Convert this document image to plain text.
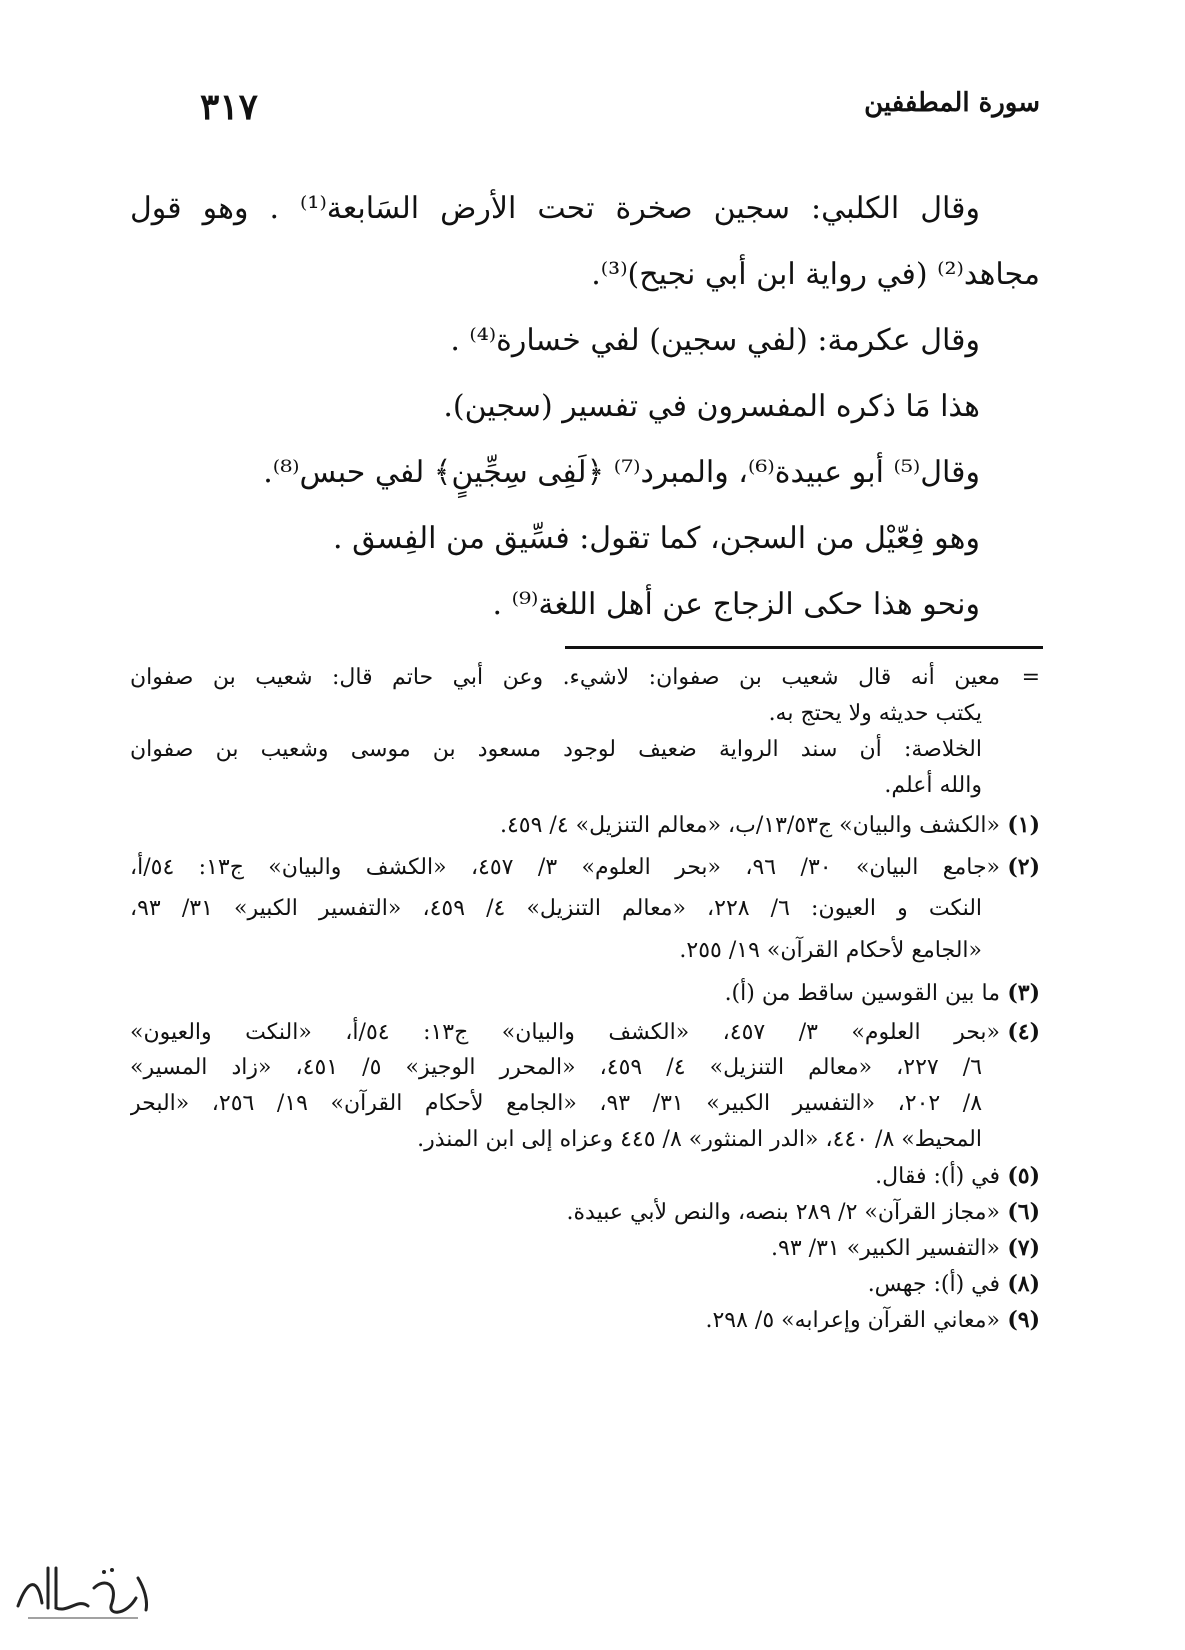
٣١٧	سورة المطففين
وقال الكلبي: سجين صخرة تحت الأرض السَابعة⁽¹⁾ . وهو قول
مجاهد⁽²⁾ (في رواية ابن أبي نجيح)⁽³⁾.
وقال عكرمة: (لفي سجين) لفي خسارة⁽⁴⁾ .
هذا مَا ذكره المفسرون في تفسير (سجين).
وقال⁽⁵⁾ أبو عبيدة⁽⁶⁾، والمبرد⁽⁷⁾ ﴿لَفِى سِجِّينٍ﴾ لفي حبس⁽⁸⁾.
وهو فِعّيْل من السجن، كما تقول: فسِّيق من الفِسق .
ونحو هذا حكى الزجاج عن أهل اللغة⁽⁹⁾ .
=معين أنه قال شعيب بن صفوان: لاشيء. وعن أبي حاتم قال: شعيب بن صفوان
يكتب حديثه ولا يحتج به.
الخلاصة: أن سند الرواية ضعيف لوجود مسعود بن موسى وشعيب بن صفوان
والله أعلم.
(١)«الكشف والبيان» ج١٣/٥٣/ب، «معالم التنزيل» ٤/ ٤٥٩.
(٢)«جامع البيان» ٣٠/ ٩٦، «بحر العلوم» ٣/ ٤٥٧، «الكشف والبيان» ج١٣: ٥٤/أ،
النكت و العيون: ٦/ ٢٢٨، «معالم التنزيل» ٤/ ٤٥٩، «التفسير الكبير» ٣١/ ٩٣،
«الجامع لأحكام القرآن» ١٩/ ٢٥٥.
(٣)ما بين القوسين ساقط من (أ).
(٤)«بحر العلوم» ٣/ ٤٥٧، «الكشف والبيان» ج١٣: ٥٤/أ، «النكت والعيون»
٦/ ٢٢٧، «معالم التنزيل» ٤/ ٤٥٩، «المحرر الوجيز» ٥/ ٤٥١، «زاد المسير»
٨/ ٢٠٢، «التفسير الكبير» ٣١/ ٩٣، «الجامع لأحكام القرآن» ١٩/ ٢٥٦، «البحر
المحيط» ٨/ ٤٤٠، «الدر المنثور» ٨/ ٤٤٥ وعزاه إلى ابن المنذر.
(٥)في (أ): فقال.
(٦)«مجاز القرآن» ٢/ ٢٨٩ بنصه، والنص لأبي عبيدة.
(٧)«التفسير الكبير» ٣١/ ٩٣.
(٨)في (أ): جهس.
(٩)«معاني القرآن وإعرابه» ٥/ ٢٩٨.
